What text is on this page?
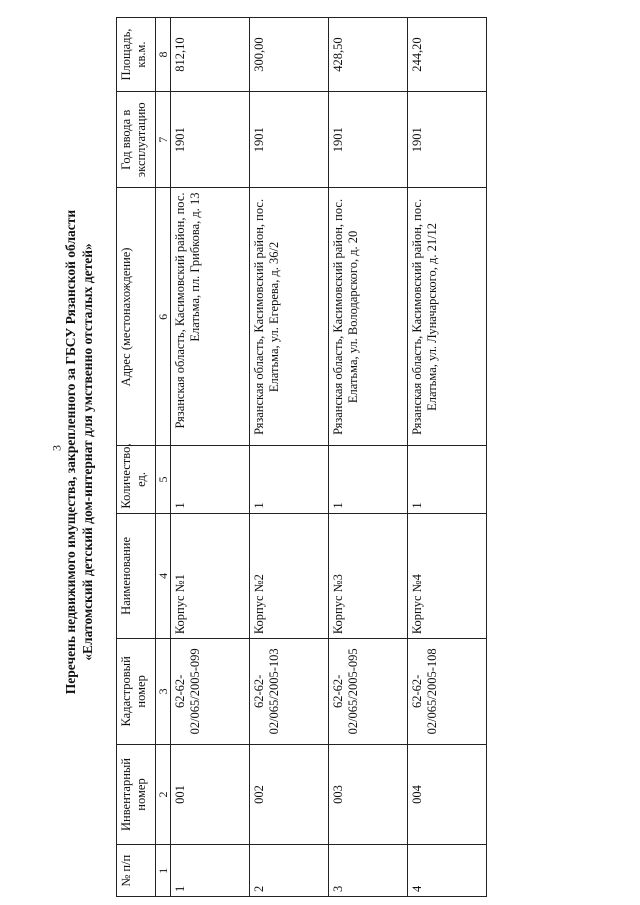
3 Перечень недвижимого имущества, закрепленного за ГБСУ Рязанской области «Елатомский детский дом-интернат для умственно отсталых детей»
№ п/п	Инвентарный номер	Кадастровый номер	Наименование	Количество, ед.	Адрес (местонахождение)	Год ввода в эксплуатацию	Площадь, кв.м.
1	2	3	4	5	6	7	8
1	001	62-62-02/065/2005-099	Корпус №1	1	Рязанская область, Касимовский район, пос. Елатьма, пл. Грибкова, д. 13	1901	812,10
2	002	62-62-02/065/2005-103	Корпус №2	1	Рязанская область, Касимовский район, пос. Елатьма, ул. Егерева, д. 36/2	1901	300,00
3	003	62-62-02/065/2005-095	Корпус №3	1	Рязанская область, Касимовский район, пос. Елатьма, ул. Володарского, д. 20	1901	428,50
4	004	62-62-02/065/2005-108	Корпус №4	1	Рязанская область, Касимовский район, пос. Елатьма, ул. Луначарского, д. 21/12	1901	244,20
